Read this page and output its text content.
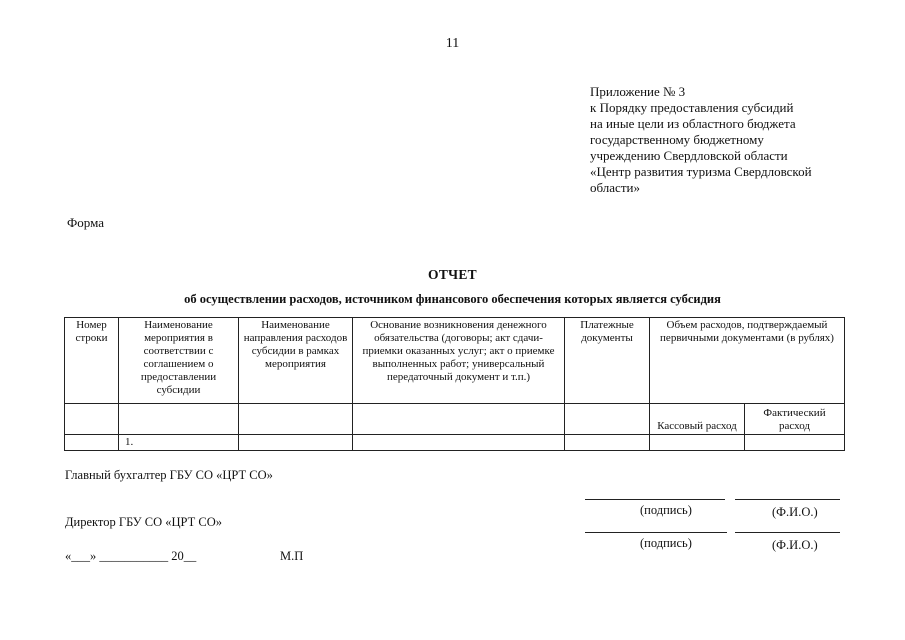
11
Приложение № 3
к Порядку предоставления субсидий
на иные цели из областного бюджета
государственному бюджетному
учреждению Свердловской области
«Центр развития туризма Свердловской
области»
Форма
ОТЧЕТ
об осуществлении расходов, источником финансового обеспечения которых является субсидия
Номер строки	Наименование мероприятия в соответствии с соглашением о предоставлении субсидии	Наименование направления расходов субсидии в рамках мероприятия	Основание возникновения денежного обязательства (договоры; акт сдачи-приемки оказанных услуг; акт о приемке выполненных работ; универсальный передаточный документ и т.п.)	Платежные документы	Объем расходов, подтверждаемый первичными документами (в рублях)	
					Кассовый расход	Фактический расход
	1.					
Главный бухгалтер ГБУ СО «ЦРТ СО»
(подпись)	(Ф.И.О.)
Директор ГБУ СО «ЦРТ СО»
(подпись)	(Ф.И.О.)
«___» ___________ 20__	М.П
